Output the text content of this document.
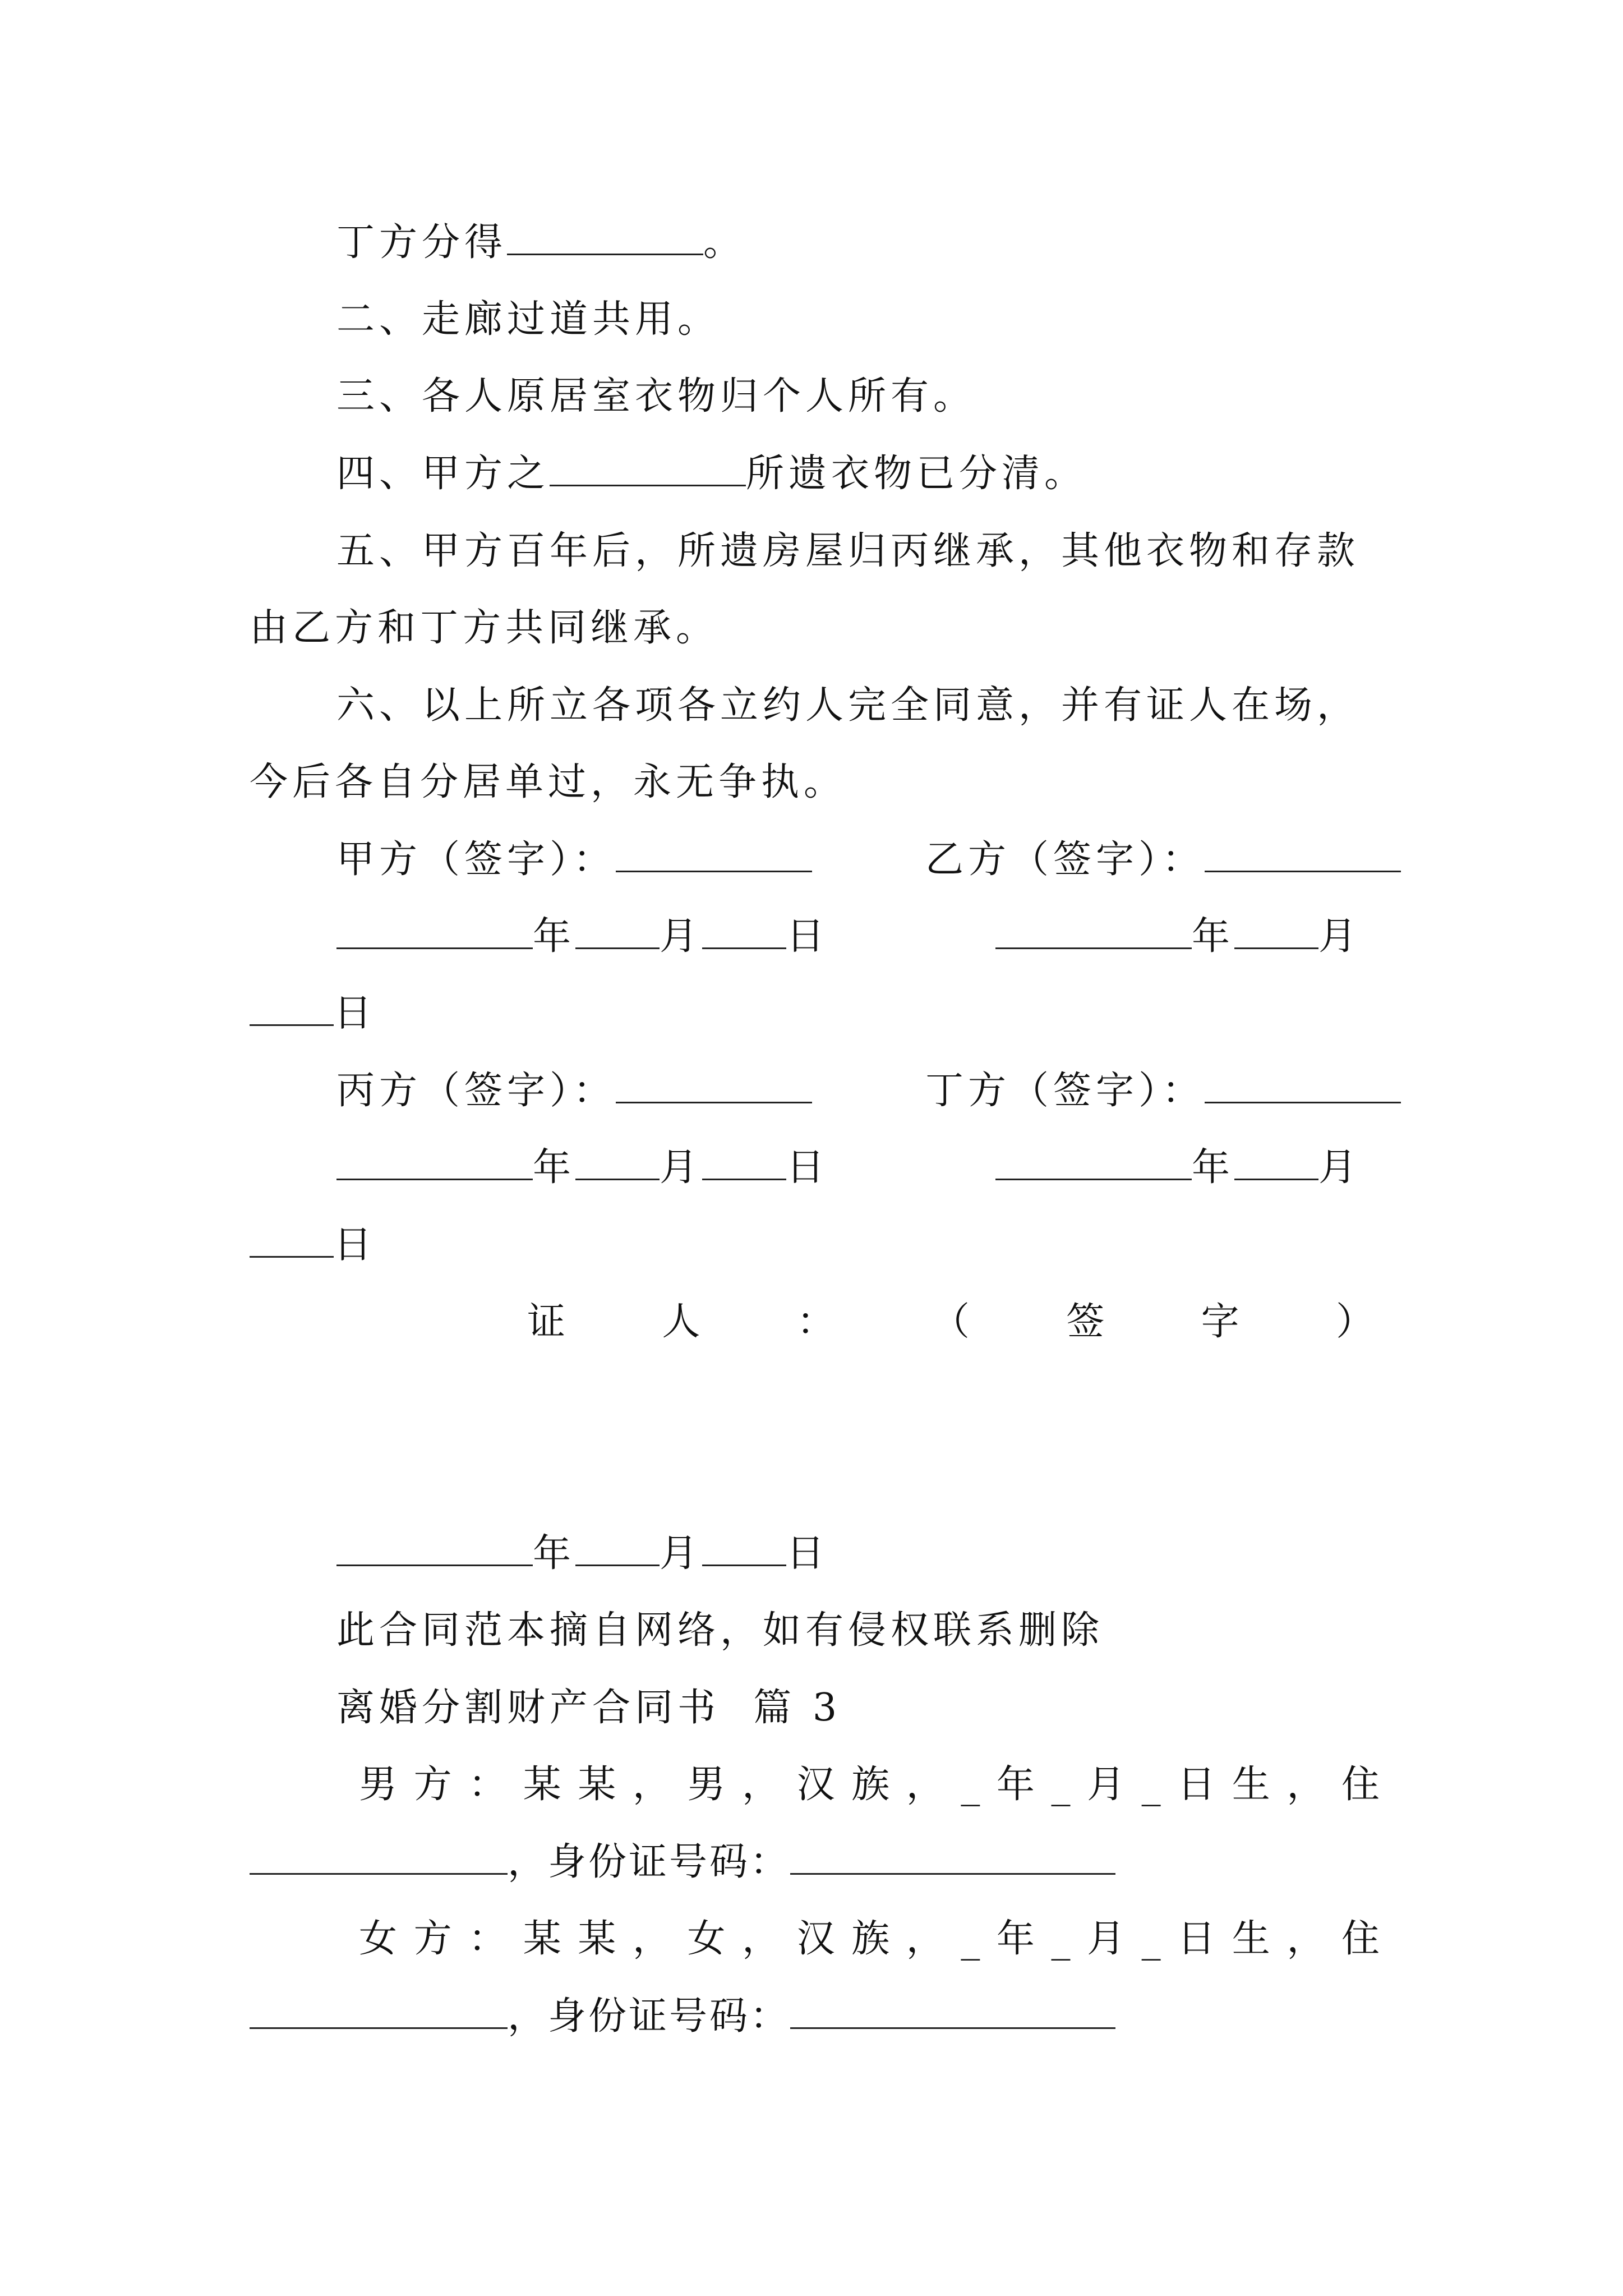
丁方分得	。
二、走廊过道共用。
三、各人原居室衣物归个人所有。
四、甲方之	所遗衣物已分清。
五、甲方百年后，所遗房屋归丙继承，其他衣物和存款
由乙方和丁方共同继承。
六、以上所立各项各立约人完全同意，并有证人在场，
今后各自分居单过，永无争执。
甲方（签字）：	乙方（签字）：
年 月 日	年 月
日
丙方（签字）：	丁方（签字）：
年 月 日	年 月
日
证	人	：	（	签	字	）
年 月 日
此合同范本摘自网络，如有侵权联系删除
离婚分割财产合同书  篇 3
男 方 ： 某 某 ， 男 ， 汉 族 ， _ 年 _ 月 _ 日 生 ， 住
，身份证号码：
女 方 ： 某 某 ， 女 ， 汉 族 ， _ 年 _ 月 _ 日 生 ， 住
，身份证号码：
